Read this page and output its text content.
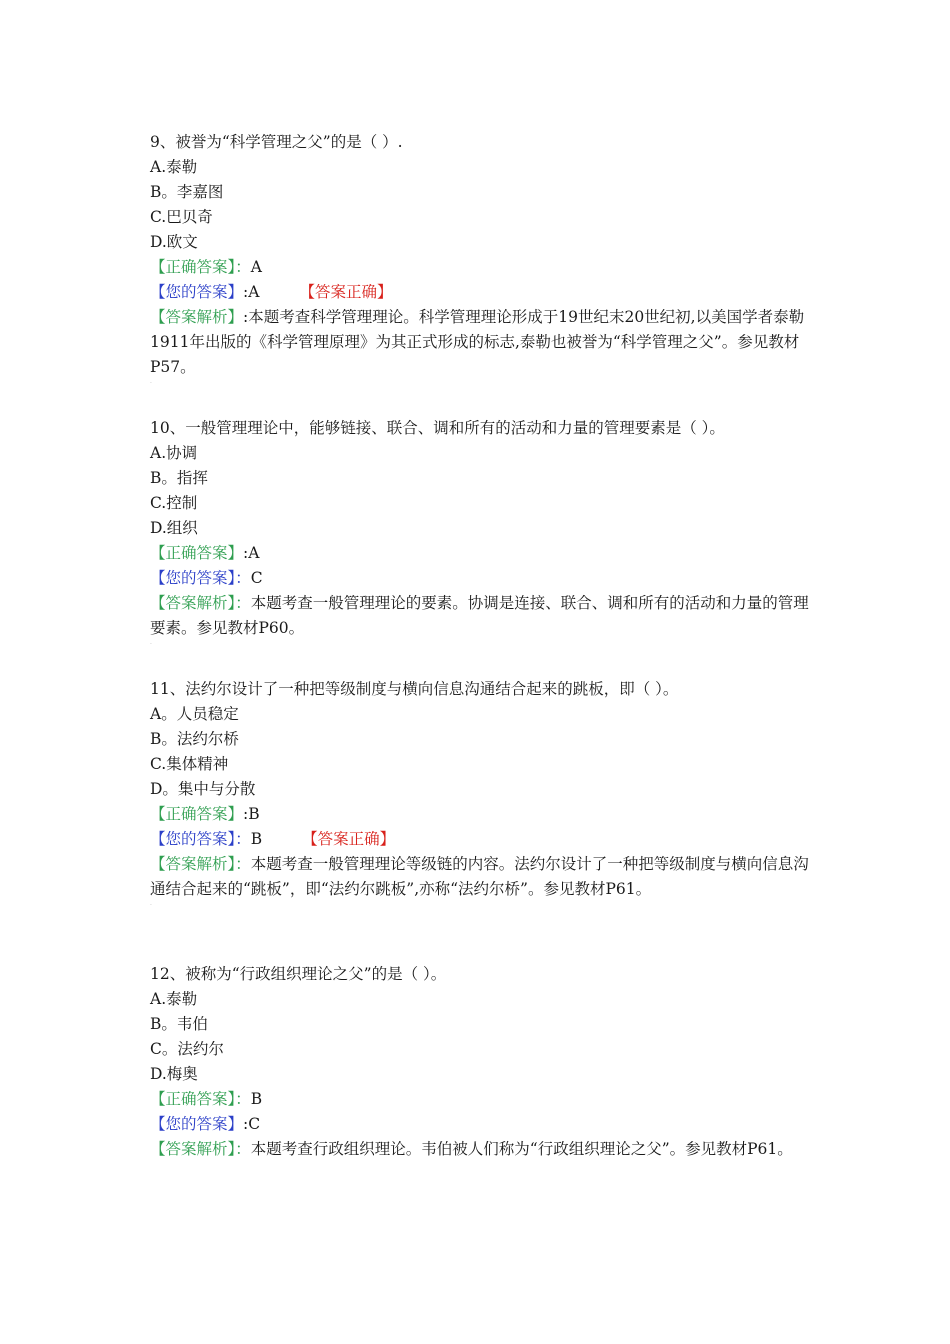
9、被誉为“科学管理之父”的是（ ）.
A.泰勒
B。李嘉图
C.巴贝奇
D.欧文
【正确答案】：A
【您的答案】:A	【答案正确】
【答案解析】:本题考查科学管理理论。科学管理理论形成于19世纪末20世纪初,以美国学者泰勒1911年出版的《科学管理原理》为其正式形成的标志,泰勒也被誉为“科学管理之父”。参见教材P57。
·
10、一般管理理论中，能够链接、联合、调和所有的活动和力量的管理要素是（ ）。
A.协调
B。指挥
C.控制
D.组织
【正确答案】:A
【您的答案】：C
【答案解析】：本题考查一般管理理论的要素。协调是连接、联合、调和所有的活动和力量的管理要素。参见教材P60。
·
11、法约尔设计了一种把等级制度与横向信息沟通结合起来的跳板，即（ ）。
A。人员稳定
B。法约尔桥
C.集体精神
D。集中与分散
【正确答案】:B
【您的答案】：B	【答案正确】
【答案解析】：本题考查一般管理理论等级链的内容。法约尔设计了一种把等级制度与横向信息沟通结合起来的“跳板”，即“法约尔跳板”,亦称“法约尔桥”。参见教材P61。
·
12、被称为“行政组织理论之父”的是（ ）。
A.泰勒
B。韦伯
C。法约尔
D.梅奥
【正确答案】：B
【您的答案】:C
【答案解析】：本题考查行政组织理论。韦伯被人们称为“行政组织理论之父”。参见教材P61。
